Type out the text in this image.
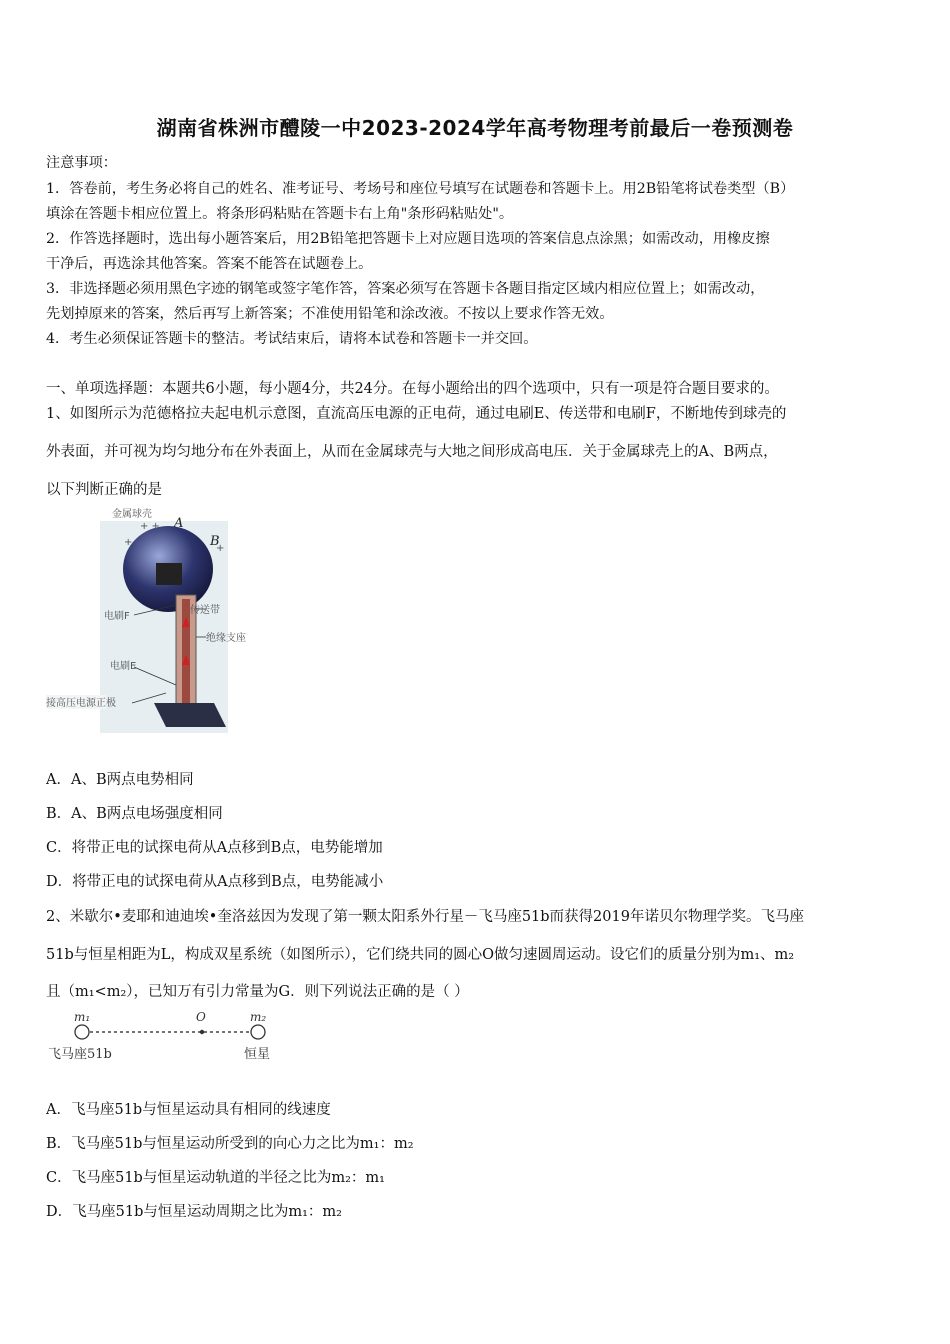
湖南省株洲市醴陵一中2023-2024学年高考物理考前最后一卷预测卷
注意事项：
1．答卷前，考生务必将自己的姓名、准考证号、考场号和座位号填写在试题卷和答题卡上。用2B铅笔将试卷类型（B）
填涂在答题卡相应位置上。将条形码粘贴在答题卡右上角"条形码粘贴处"。
2．作答选择题时，选出每小题答案后，用2B铅笔把答题卡上对应题目选项的答案信息点涂黑；如需改动，用橡皮擦
干净后，再选涂其他答案。答案不能答在试题卷上。
3．非选择题必须用黑色字迹的钢笔或签字笔作答，答案必须写在答题卡各题目指定区域内相应位置上；如需改动，
先划掉原来的答案，然后再写上新答案；不准使用铅笔和涂改液。不按以上要求作答无效。
4．考生必须保证答题卡的整洁。考试结束后，请将本试卷和答题卡一并交回。
一、单项选择题：本题共6小题，每小题4分，共24分。在每小题给出的四个选项中，只有一项是符合题目要求的。
1、如图所示为范德格拉夫起电机示意图，直流高压电源的正电荷，通过电刷E、传送带和电刷F，不断地传到球壳的
外表面，并可视为均匀地分布在外表面上，从而在金属球壳与大地之间形成高电压．关于金属球壳上的A、B两点，
以下判断正确的是
+ +
+
+
金属球壳
A
B
电刷F
传送带
绝缘支座
电刷E
接高压电源正极
A．A、B两点电势相同
B．A、B两点电场强度相同
C．将带正电的试探电荷从A点移到B点，电势能增加
D．将带正电的试探电荷从A点移到B点，电势能减小
2、米歇尔•麦耶和迪迪埃•奎洛兹因为发现了第一颗太阳系外行星－飞马座51b而获得2019年诺贝尔物理学奖。飞马座
51b与恒星相距为L，构成双星系统（如图所示），它们绕共同的圆心O做匀速圆周运动。设它们的质量分别为m₁、m₂
且（m₁<m₂），已知万有引力常量为G．则下列说法正确的是（ ）
m₁	O	m₂
飞马座51b	恒星
A．飞马座51b与恒星运动具有相同的线速度
B．飞马座51b与恒星运动所受到的向心力之比为m₁：m₂
C．飞马座51b与恒星运动轨道的半径之比为m₂：m₁
D．飞马座51b与恒星运动周期之比为m₁：m₂
